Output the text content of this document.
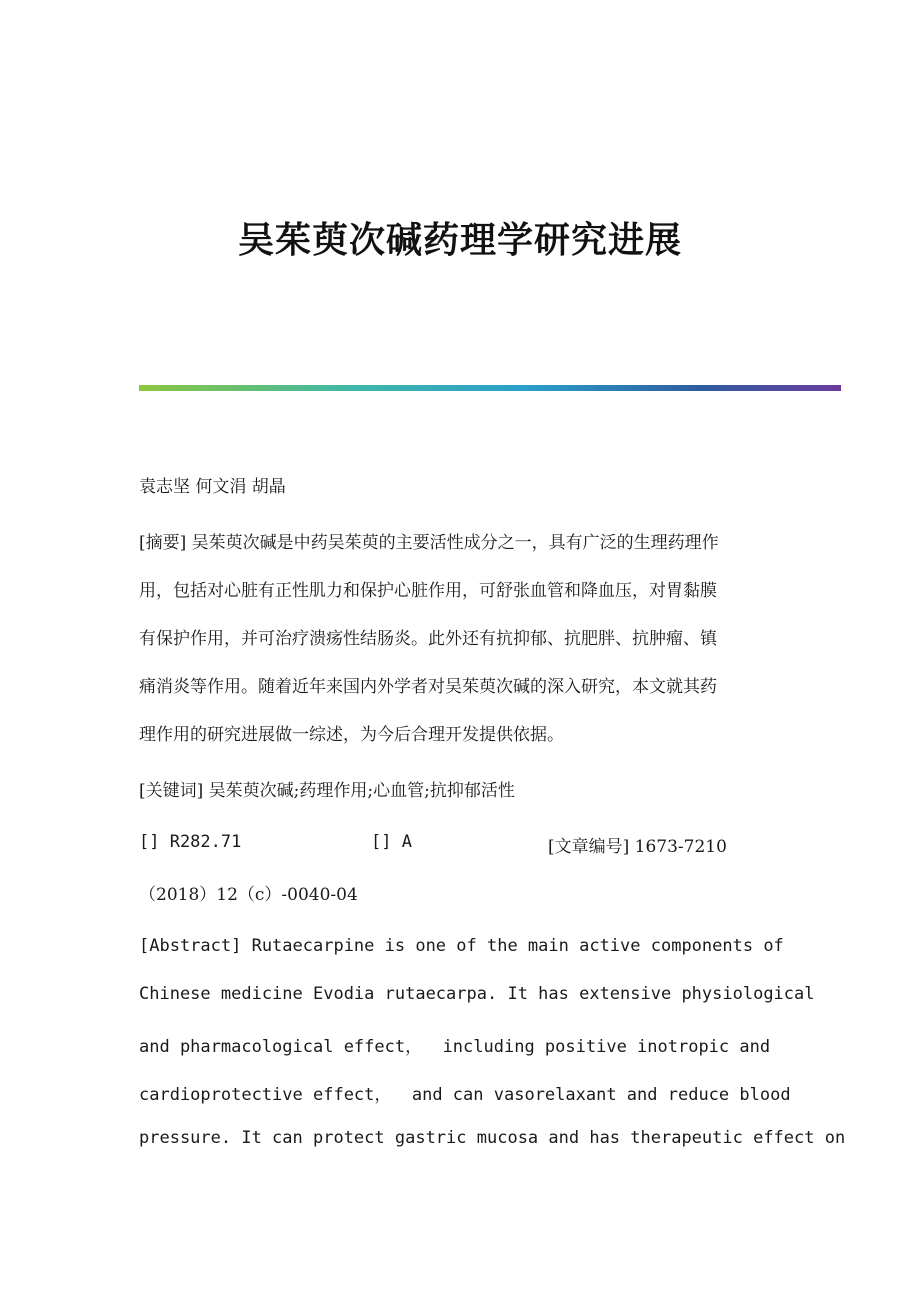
吴茱萸次碱药理学研究进展
袁志坚 何文涓 胡晶
[摘要] 吴茱萸次碱是中药吴茱萸的主要活性成分之一，具有广泛的生理药理作
用，包括对心脏有正性肌力和保护心脏作用，可舒张血管和降血压，对胃黏膜
有保护作用，并可治疗溃疡性结肠炎。此外还有抗抑郁、抗肥胖、抗肿瘤、镇
痛消炎等作用。随着近年来国内外学者对吴茱萸次碱的深入研究，本文就其药
理作用的研究进展做一综述，为今后合理开发提供依据。
[关键词] 吴茱萸次碱;药理作用;心血管;抗抑郁活性
[] R282.71	[] A	[文章编号] 1673-7210
（2018）12（c）-0040-04
[Abstract] Rutaecarpine is one of the main active components of
Chinese medicine Evodia rutaecarpa. It has extensive physiological
and pharmacological effect，  including positive inotropic and
cardioprotective effect，  and can vasorelaxant and reduce blood
pressure. It can protect gastric mucosa and has therapeutic effect on
